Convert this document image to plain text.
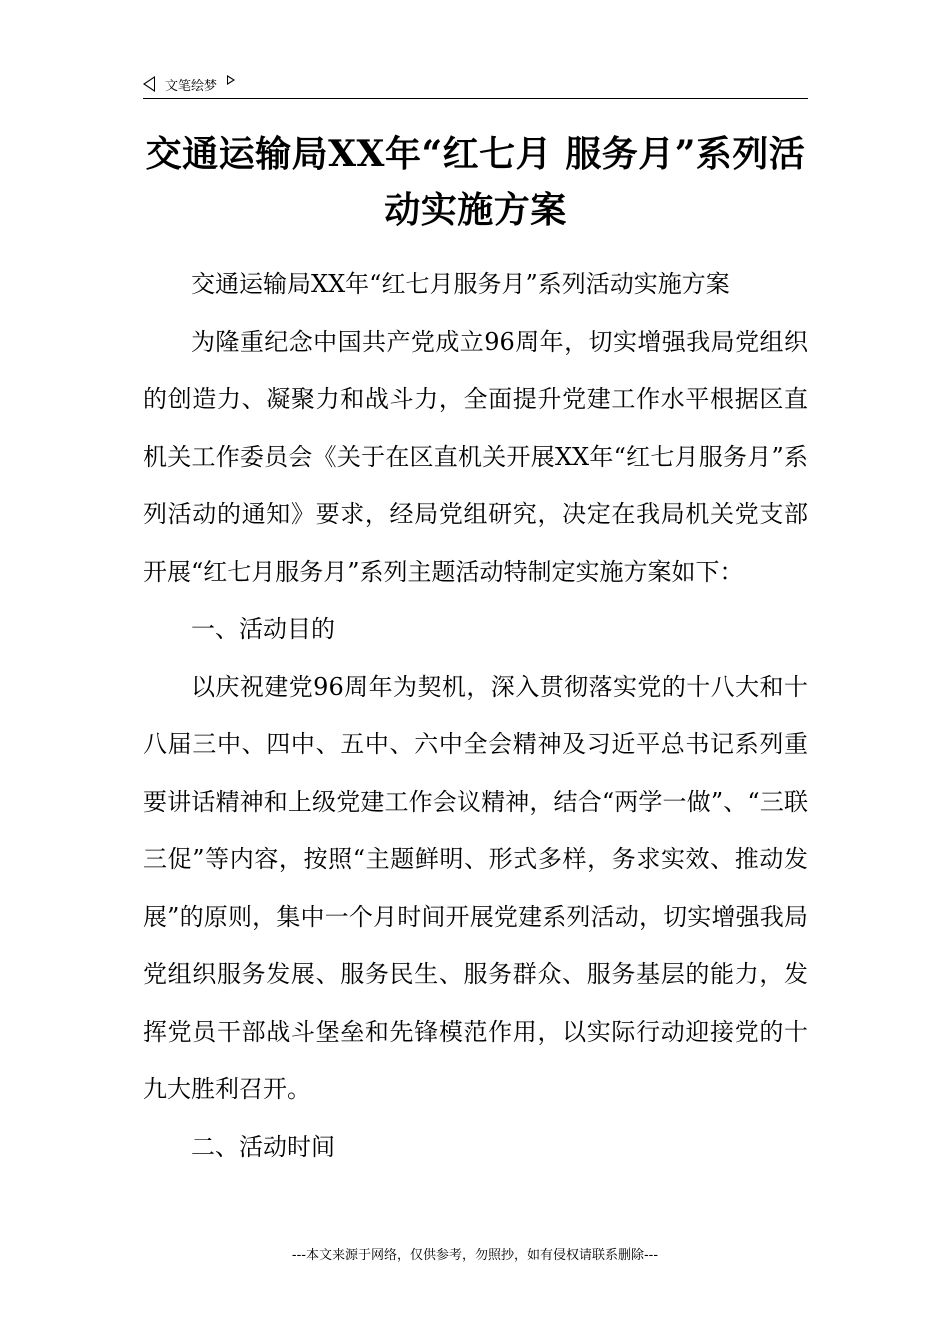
文笔绘梦
交通运输局XX年“红七月 服务月”系列活动实施方案

交通运输局XX年“红七月服务月”系列活动实施方案

为隆重纪念中国共产党成立96周年，切实增强我局党组织的创造力、凝聚力和战斗力，全面提升党建工作水平根据区直机关工作委员会《关于在区直机关开展XX年“红七月服务月”系列活动的通知》要求，经局党组研究，决定在我局机关党支部开展“红七月服务月”系列主题活动特制定实施方案如下：

一、活动目的

以庆祝建党96周年为契机，深入贯彻落实党的十八大和十八届三中、四中、五中、六中全会精神及习近平总书记系列重要讲话精神和上级党建工作会议精神，结合“两学一做”、“三联三促”等内容，按照“主题鲜明、形式多样，务求实效、推动发展”的原则，集中一个月时间开展党建系列活动，切实增强我局党组织服务发展、服务民生、服务群众、服务基层的能力，发挥党员干部战斗堡垒和先锋模范作用，以实际行动迎接党的十九大胜利召开。

二、活动时间

---本文来源于网络，仅供参考，勿照抄，如有侵权请联系删除---
